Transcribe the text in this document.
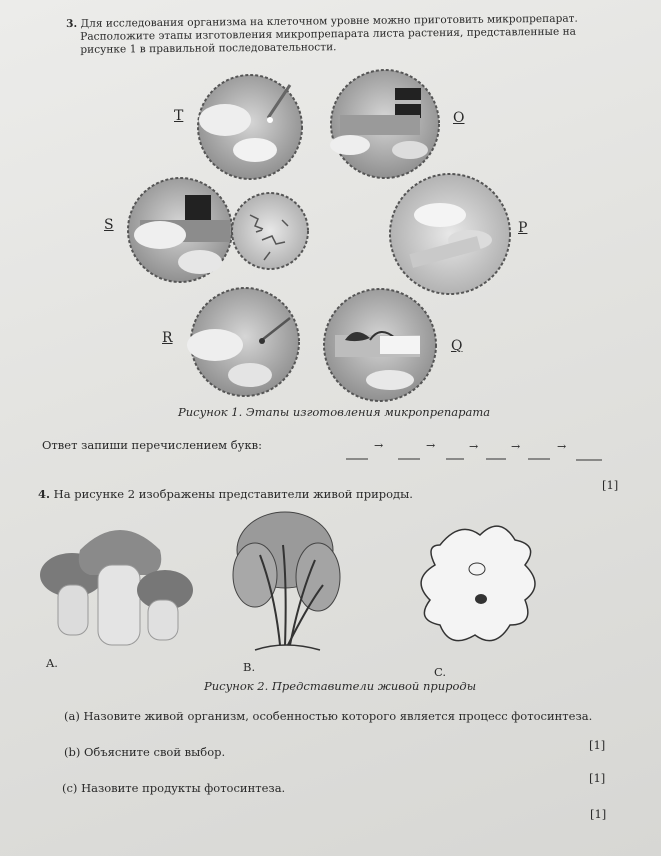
3. Для исследования организма на клеточном уровне можно приготовить микропрепарат.
Расположите этапы изготовления микропрепарата листа растения, представленные на
рисунке 1 в правильной последовательности.
T	O
S	P
R	Q
Рисунок 1. Этапы изготовления микропрепарата
Ответ запиши перечислением букв:	→	→	→	→	→
[1]
4. На рисунке 2 изображены представители живой природы.
A.	B.	C.
Рисунок 2. Представители живой природы
(a) Назовите живой организм, особенностью которого является процесс фотосинтеза.
[1]
(b) Объясните свой выбор.
[1]
(c) Назовите продукты фотосинтеза.
[1]
